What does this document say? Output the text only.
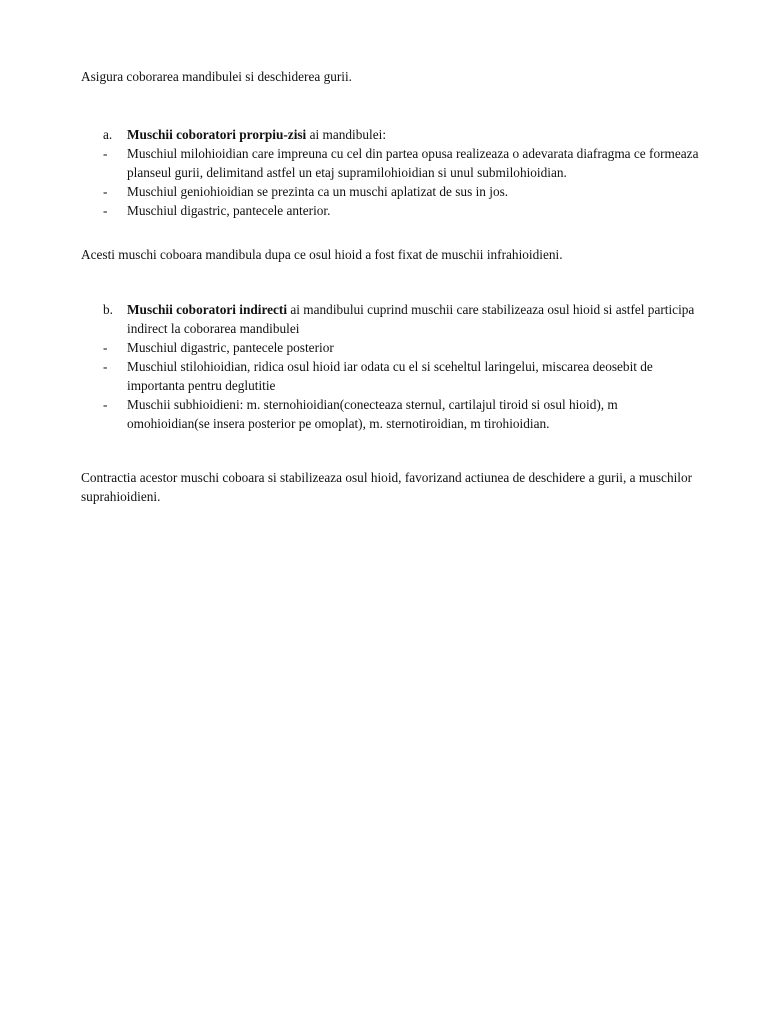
Asigura coborarea mandibulei si deschiderea gurii.

a.	Muschii coboratori prorpiu-zisi ai mandibulei:
-	Muschiul milohioidian care impreuna cu cel din partea opusa realizeaza o adevarata diafragma ce formeaza planseul gurii, delimitand astfel un etaj supramilohioidian si unul submilohioidian.
-	Muschiul geniohioidian se prezinta ca un muschi aplatizat de sus in jos.
-	Muschiul digastric, pantecele anterior.

Acesti muschi coboara mandibula dupa ce osul hioid a fost fixat de muschii infrahioidieni.

b.	Muschii coboratori indirecti ai mandibului cuprind muschii care stabilizeaza osul hioid si astfel participa indirect la coborarea mandibulei
-	Muschiul digastric, pantecele posterior
-	Muschiul stilohioidian, ridica osul hioid iar odata cu el si sceheltul laringelui, miscarea deosebit de importanta pentru deglutitie
-	Muschii subhioidieni: m. sternohioidian(conecteaza sternul, cartilajul tiroid si osul hioid), m omohioidian(se insera posterior pe omoplat), m. sternotiroidian, m tirohioidian.

Contractia acestor muschi coboara si stabilizeaza osul hioid, favorizand actiunea de deschidere a gurii, a muschilor suprahioidieni.
